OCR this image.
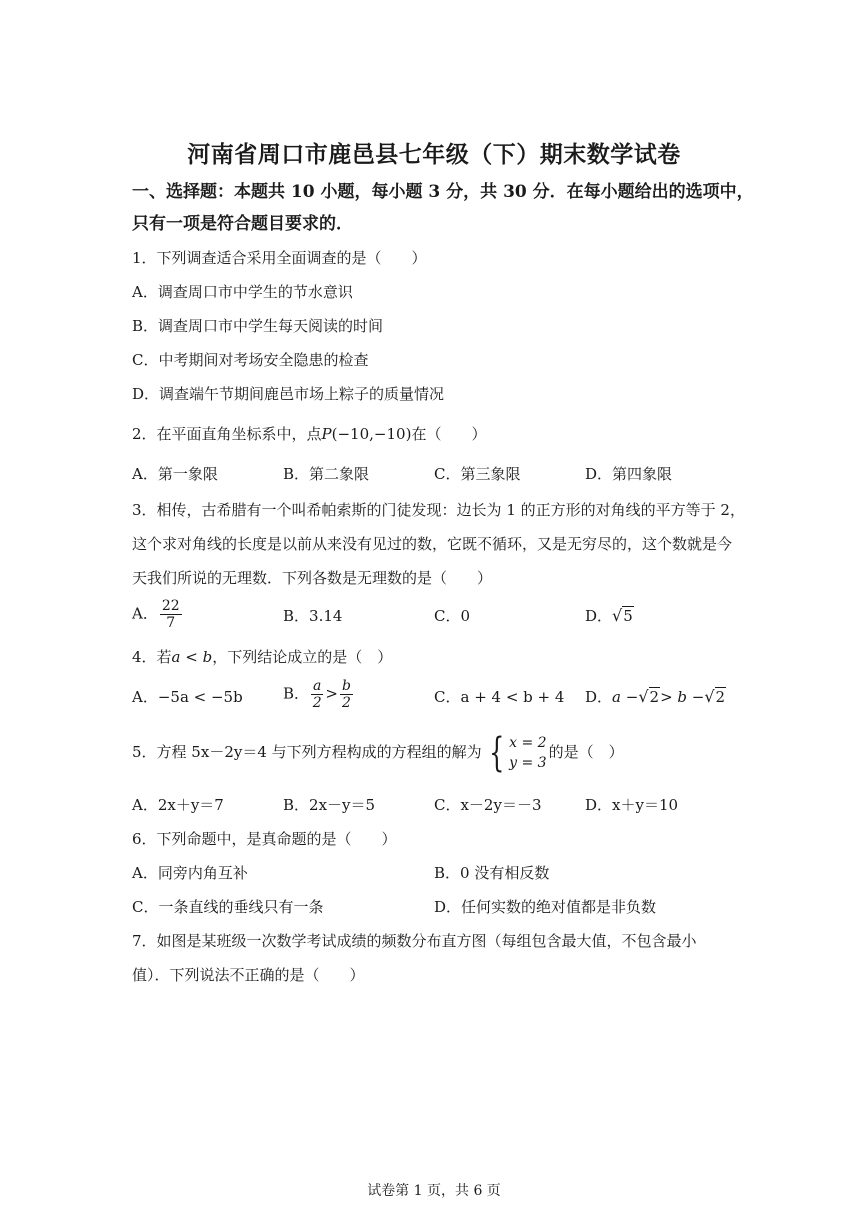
河南省周口市鹿邑县七年级（下）期末数学试卷
一、选择题：本题共 10 小题，每小题 3 分，共 30 分．在每小题给出的选项中，
只有一项是符合题目要求的．
1．下列调查适合采用全面调查的是（　　）
A．调查周口市中学生的节水意识
B．调查周口市中学生每天阅读的时间
C．中考期间对考场安全隐患的检查
D．调查端午节期间鹿邑市场上粽子的质量情况
2．在平面直角坐标系中，点P(−10,−10)在（　　）
A．第一象限	B．第二象限	C．第三象限	D．第四象限
3．相传，古希腊有一个叫希帕索斯的门徒发现：边长为 1 的正方形的对角线的平方等于 2，
这个求对角线的长度是以前从来没有见过的数，它既不循环，又是无穷尽的，这个数就是今
天我们所说的无理数．下列各数是无理数的是（　　）
A． $\frac{22}{7}$	B．3.14	C．0	D．√5
4．若a < b，下列结论成立的是（　）
A．−5a < −5b	B． $\frac{a}{2} > \frac{b}{2}$	C．a + 4 < b + 4 D．a −√2> b −√2
5．方程 5x－2y＝4 与下列方程构成的方程组的解为 { x = 2
y = 3
的是（　）
A．2x＋y＝7	B．2x－y＝5	C．x－2y＝－3	D．x＋y＝10
6．下列命题中，是真命题的是（　　）
A．同旁内角互补	B．0 没有相反数
C．一条直线的垂线只有一条	D．任何实数的绝对值都是非负数
7．如图是某班级一次数学考试成绩的频数分布直方图（每组包含最大值，不包含最小
值）．下列说法不正确的是（　　）
试卷第 1 页，共 6 页
